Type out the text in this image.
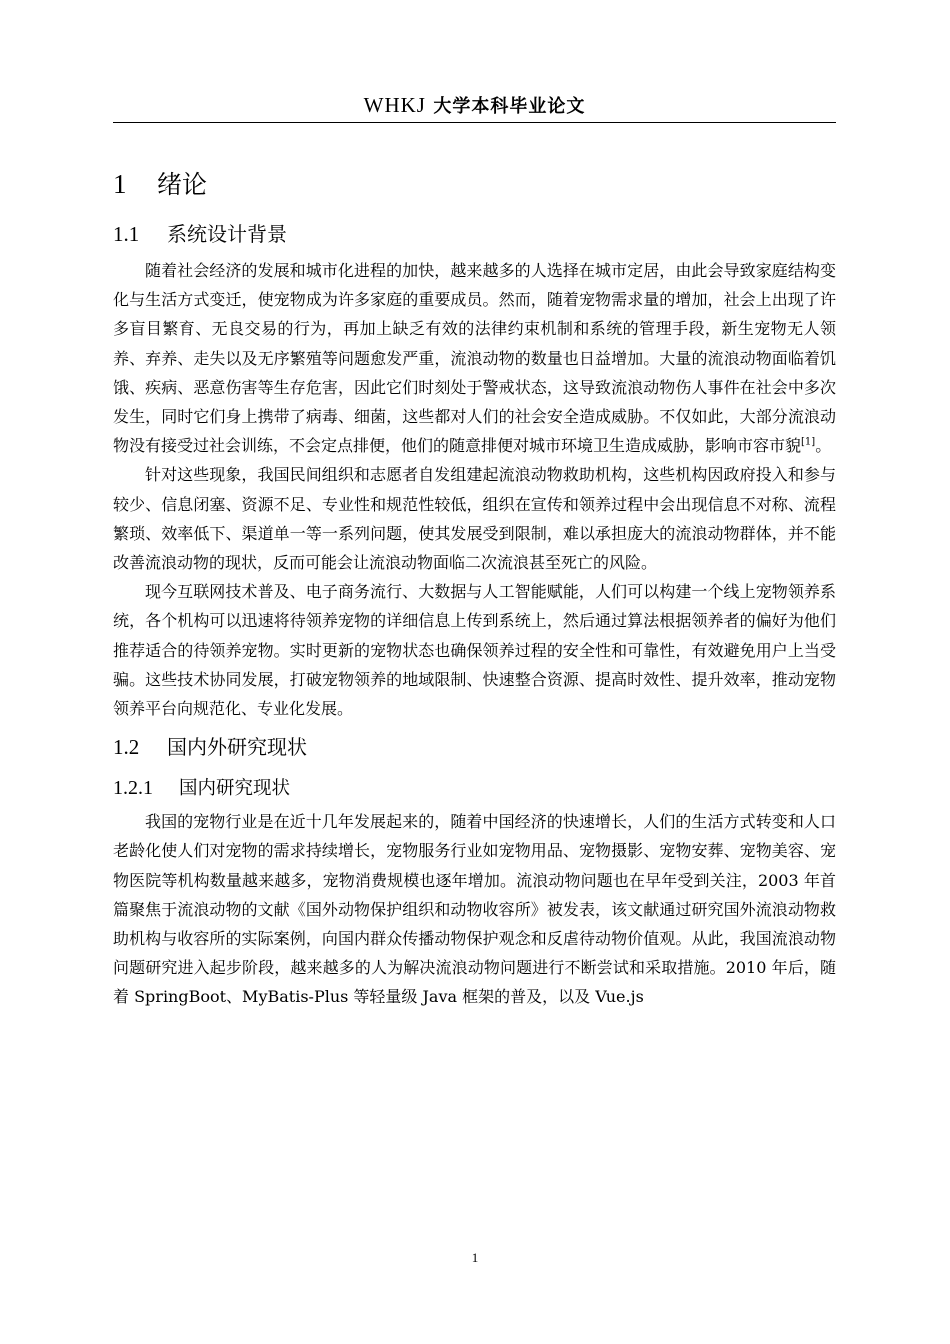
WHKJ 大学本科毕业论文
1 绪论
1.1 系统设计背景

随着社会经济的发展和城市化进程的加快，越来越多的人选择在城市定居，由此会导致家庭结构变化与生活方式变迁，使宠物成为许多家庭的重要成员。然而，随着宠物需求量的增加，社会上出现了许多盲目繁育、无良交易的行为，再加上缺乏有效的法律约束机制和系统的管理手段，新生宠物无人领养、弃养、走失以及无序繁殖等问题愈发严重，流浪动物的数量也日益增加。大量的流浪动物面临着饥饿、疾病、恶意伤害等生存危害，因此它们时刻处于警戒状态，这导致流浪动物伤人事件在社会中多次发生，同时它们身上携带了病毒、细菌，这些都对人们的社会安全造成威胁。不仅如此，大部分流浪动物没有接受过社会训练，不会定点排便，他们的随意排便对城市环境卫生造成威胁，影响市容市貌[1]。

针对这些现象，我国民间组织和志愿者自发组建起流浪动物救助机构，这些机构因政府投入和参与较少、信息闭塞、资源不足、专业性和规范性较低，组织在宣传和领养过程中会出现信息不对称、流程繁琐、效率低下、渠道单一等一系列问题，使其发展受到限制，难以承担庞大的流浪动物群体，并不能改善流浪动物的现状，反而可能会让流浪动物面临二次流浪甚至死亡的风险。

现今互联网技术普及、电子商务流行、大数据与人工智能赋能，人们可以构建一个线上宠物领养系统，各个机构可以迅速将待领养宠物的详细信息上传到系统上，然后通过算法根据领养者的偏好为他们推荐适合的待领养宠物。实时更新的宠物状态也确保领养过程的安全性和可靠性，有效避免用户上当受骗。这些技术协同发展，打破宠物领养的地域限制、快速整合资源、提高时效性、提升效率，推动宠物领养平台向规范化、专业化发展。

1.2 国内外研究现状
1.2.1 国内研究现状

我国的宠物行业是在近十几年发展起来的，随着中国经济的快速增长，人们的生活方式转变和人口老龄化使人们对宠物的需求持续增长，宠物服务行业如宠物用品、宠物摄影、宠物安葬、宠物美容、宠物医院等机构数量越来越多，宠物消费规模也逐年增加。流浪动物问题也在早年受到关注，2003 年首篇聚焦于流浪动物的文献《国外动物保护组织和动物收容所》被发表，该文献通过研究国外流浪动物救助机构与收容所的实际案例，向国内群众传播动物保护观念和反虐待动物价值观。从此，我国流浪动物问题研究进入起步阶段，越来越多的人为解决流浪动物问题进行不断尝试和采取措施。2010 年后，随着 SpringBoot、MyBatis-Plus 等轻量级 Java 框架的普及，以及 Vue.js

1
